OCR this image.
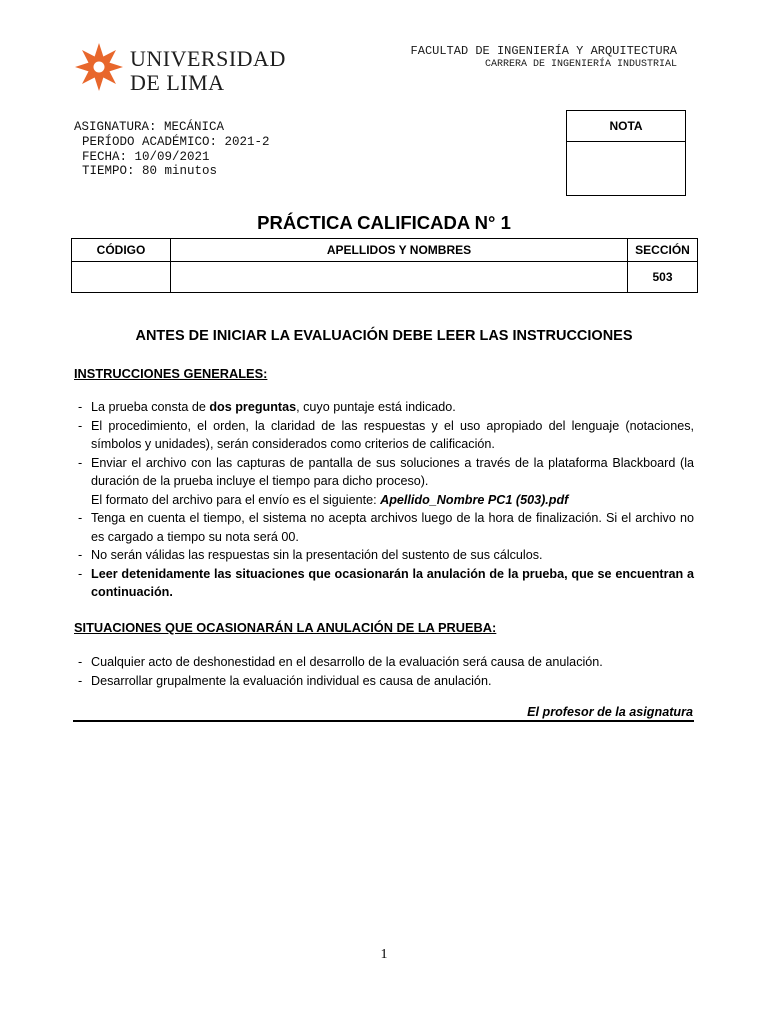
UNIVERSIDAD
DE LIMA
FACULTAD DE INGENIERÍA Y ARQUITECTURA
CARRERA DE INGENIERÍA INDUSTRIAL
ASIGNATURA: MECÁNICA
PERÍODO ACADÉMICO: 2021-2
FECHA: 10/09/2021
TIEMPO: 80 minutos
NOTA
PRÁCTICA CALIFICADA N° 1
CÓDIGO	APELLIDOS Y NOMBRES	SECCIÓN
		503
ANTES DE INICIAR LA EVALUACIÓN DEBE LEER LAS INSTRUCCIONES
INSTRUCCIONES GENERALES:
- La prueba consta de dos preguntas, cuyo puntaje está indicado.
- El procedimiento, el orden, la claridad de las respuestas y el uso apropiado del lenguaje (notaciones, símbolos y unidades), serán considerados como criterios de calificación.
- Enviar el archivo con las capturas de pantalla de sus soluciones a través de la plataforma Blackboard (la duración de la prueba incluye el tiempo para dicho proceso).
El formato del archivo para el envío es el siguiente: Apellido_Nombre PC1 (503).pdf
- Tenga en cuenta el tiempo, el sistema no acepta archivos luego de la hora de finalización. Si el archivo no es cargado a tiempo su nota será 00.
- No serán válidas las respuestas sin la presentación del sustento de sus cálculos.
- Leer detenidamente las situaciones que ocasionarán la anulación de la prueba, que se encuentran a continuación.
SITUACIONES QUE OCASIONARÁN LA ANULACIÓN DE LA PRUEBA:
- Cualquier acto de deshonestidad en el desarrollo de la evaluación será causa de anulación.
- Desarrollar grupalmente la evaluación individual es causa de anulación.
El profesor de la asignatura
1
